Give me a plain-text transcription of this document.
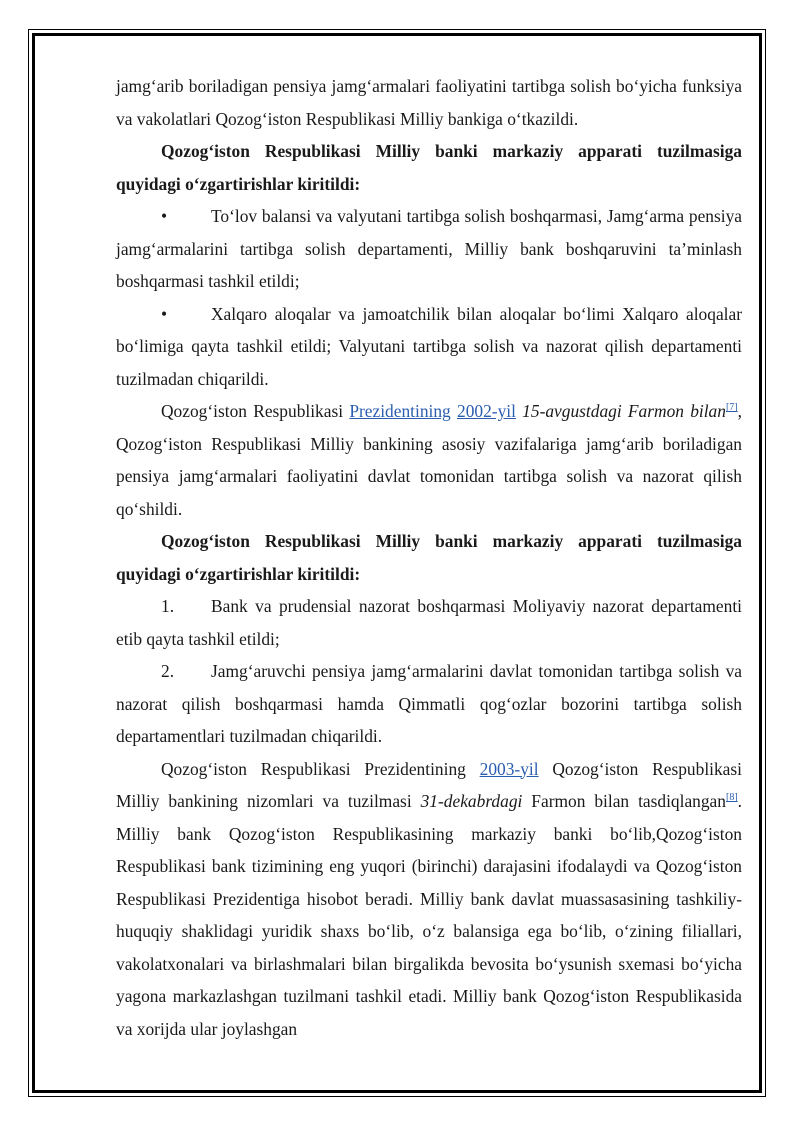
jamg‘arib boriladigan pensiya jamg‘armalari faoliyatini tartibga solish bo‘yicha funksiya va vakolatlari Qozog‘iston Respublikasi Milliy bankiga o‘tkazildi.

Qozog‘iston Respublikasi Milliy banki markaziy apparati tuzilmasiga quyidagi o‘zgartirishlar kiritildi:

•	To‘lov balansi va valyutani tartibga solish boshqarmasi, Jamg‘arma pensiya jamg‘armalarini tartibga solish departamenti, Milliy bank boshqaruvini ta’minlash boshqarmasi tashkil etildi;

•	Xalqaro aloqalar va jamoatchilik bilan aloqalar bo‘limi Xalqaro aloqalar bo‘limiga qayta tashkil etildi; Valyutani tartibga solish va nazorat qilish departamenti tuzilmadan chiqarildi.

Qozog‘iston Respublikasi Prezidentining 2002-yil 15-avgustdagi Farmon bilan[7], Qozog‘iston Respublikasi Milliy bankining asosiy vazifalariga jamg‘arib boriladigan pensiya jamg‘armalari faoliyatini davlat tomonidan tartibga solish va nazorat qilish qo‘shildi.

Qozog‘iston Respublikasi Milliy banki markaziy apparati tuzilmasiga quyidagi o‘zgartirishlar kiritildi:

1. Bank va prudensial nazorat boshqarmasi Moliyaviy nazorat departamenti etib qayta tashkil etildi;

2. Jamg‘aruvchi pensiya jamg‘armalarini davlat tomonidan tartibga solish va nazorat qilish boshqarmasi hamda Qimmatli qog‘ozlar bozorini tartibga solish departamentlari tuzilmadan chiqarildi.

Qozog‘iston Respublikasi Prezidentining 2003-yil Qozog‘iston Respublikasi Milliy bankining nizomlari va tuzilmasi 31-dekabrdagi Farmon bilan tasdiqlangan[8]. Milliy bank Qozog‘iston Respublikasining markaziy banki bo‘lib,Qozog‘iston Respublikasi bank tizimining eng yuqori (birinchi) darajasini ifodalaydi va Qozog‘iston Respublikasi Prezidentiga hisobot beradi. Milliy bank davlat muassasasining tashkiliy-huquqiy shaklidagi yuridik shaxs bo‘lib, o‘z balansiga ega bo‘lib, o‘zining filiallari, vakolatxonalari va birlashmalari bilan birgalikda bevosita bo‘ysunish sxemasi bo‘yicha yagona markazlashgan tuzilmani tashkil etadi. Milliy bank Qozog‘iston Respublikasida va xorijda ular joylashgan
